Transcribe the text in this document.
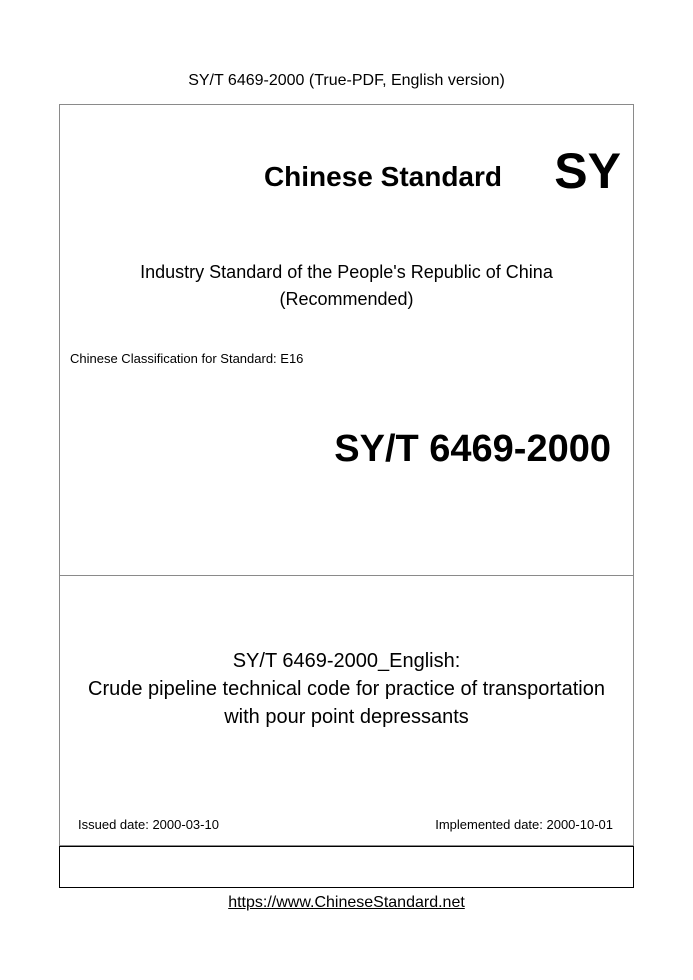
SY/T 6469-2000 (True-PDF, English version)
Chinese Standard SY
Industry Standard of the People's Republic of China
(Recommended)
Chinese Classification for Standard: E16
SY/T 6469-2000
SY/T 6469-2000_English:
Crude pipeline technical code for practice of transportation
with pour point depressants
Issued date: 2000-03-10	Implemented date: 2000-10-01
https://www.ChineseStandard.net
